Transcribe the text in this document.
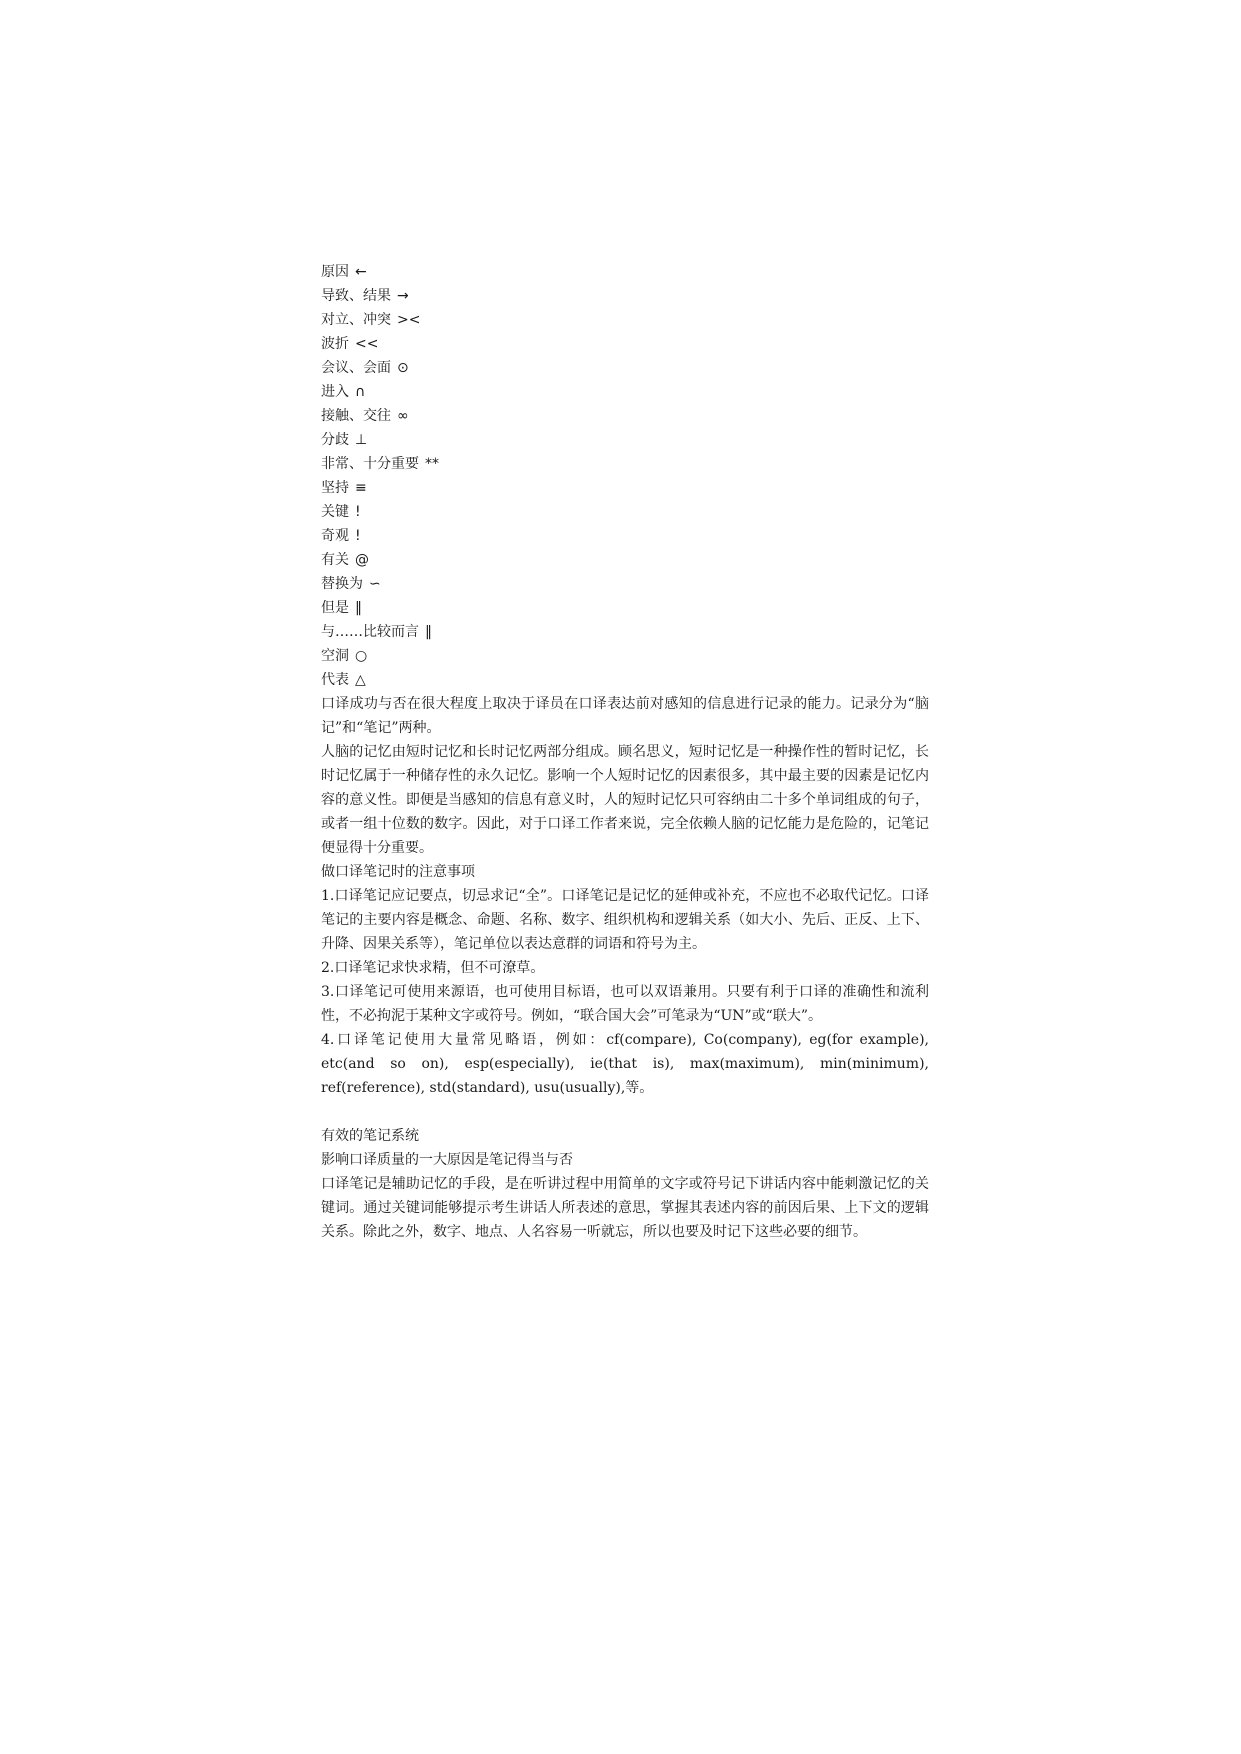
原因 ←
导致、结果 →
对立、冲突 ><
波折 <<
会议、会面 ⊙
进入 ∩
接触、交往 ∞
分歧 ⊥
非常、十分重要 **
坚持 ≡
关键 !
奇观 !
有关 @
替换为 ∽
但是 ‖
与……比较而言 ‖
空洞 ○
代表 △

口译成功与否在很大程度上取决于译员在口译表达前对感知的信息进行记录的能力。记录分为“脑记”和“笔记”两种。

人脑的记忆由短时记忆和长时记忆两部分组成。顾名思义，短时记忆是一种操作性的暂时记忆，长时记忆属于一种储存性的永久记忆。影响一个人短时记忆的因素很多，其中最主要的因素是记忆内容的意义性。即便是当感知的信息有意义时，人的短时记忆只可容纳由二十多个单词组成的句子，或者一组十位数的数字。因此，对于口译工作者来说，完全依赖人脑的记忆能力是危险的，记笔记便显得十分重要。

做口译笔记时的注意事项

1.口译笔记应记要点，切忌求记“全”。口译笔记是记忆的延伸或补充，不应也不必取代记忆。口译笔记的主要内容是概念、命题、名称、数字、组织机构和逻辑关系（如大小、先后、正反、上下、升降、因果关系等），笔记单位以表达意群的词语和符号为主。

2.口译笔记求快求精，但不可潦草。

3.口译笔记可使用来源语，也可使用目标语，也可以双语兼用。只要有利于口译的准确性和流利性，不必拘泥于某种文字或符号。例如，“联合国大会”可笔录为“UN”或“联大”。

4.口译笔记使用大量常见略语，例如：cf(compare), Co(company), eg(for example), etc(and so on), esp(especially), ie(that is), max(maximum), min(minimum), ref(reference), std(standard), usu(usually),等。

有效的笔记系统

影响口译质量的一大原因是笔记得当与否

口译笔记是辅助记忆的手段，是在听讲过程中用简单的文字或符号记下讲话内容中能刺激记忆的关键词。通过关键词能够提示考生讲话人所表述的意思，掌握其表述内容的前因后果、上下文的逻辑关系。除此之外，数字、地点、人名容易一听就忘，所以也要及时记下这些必要的细节。
